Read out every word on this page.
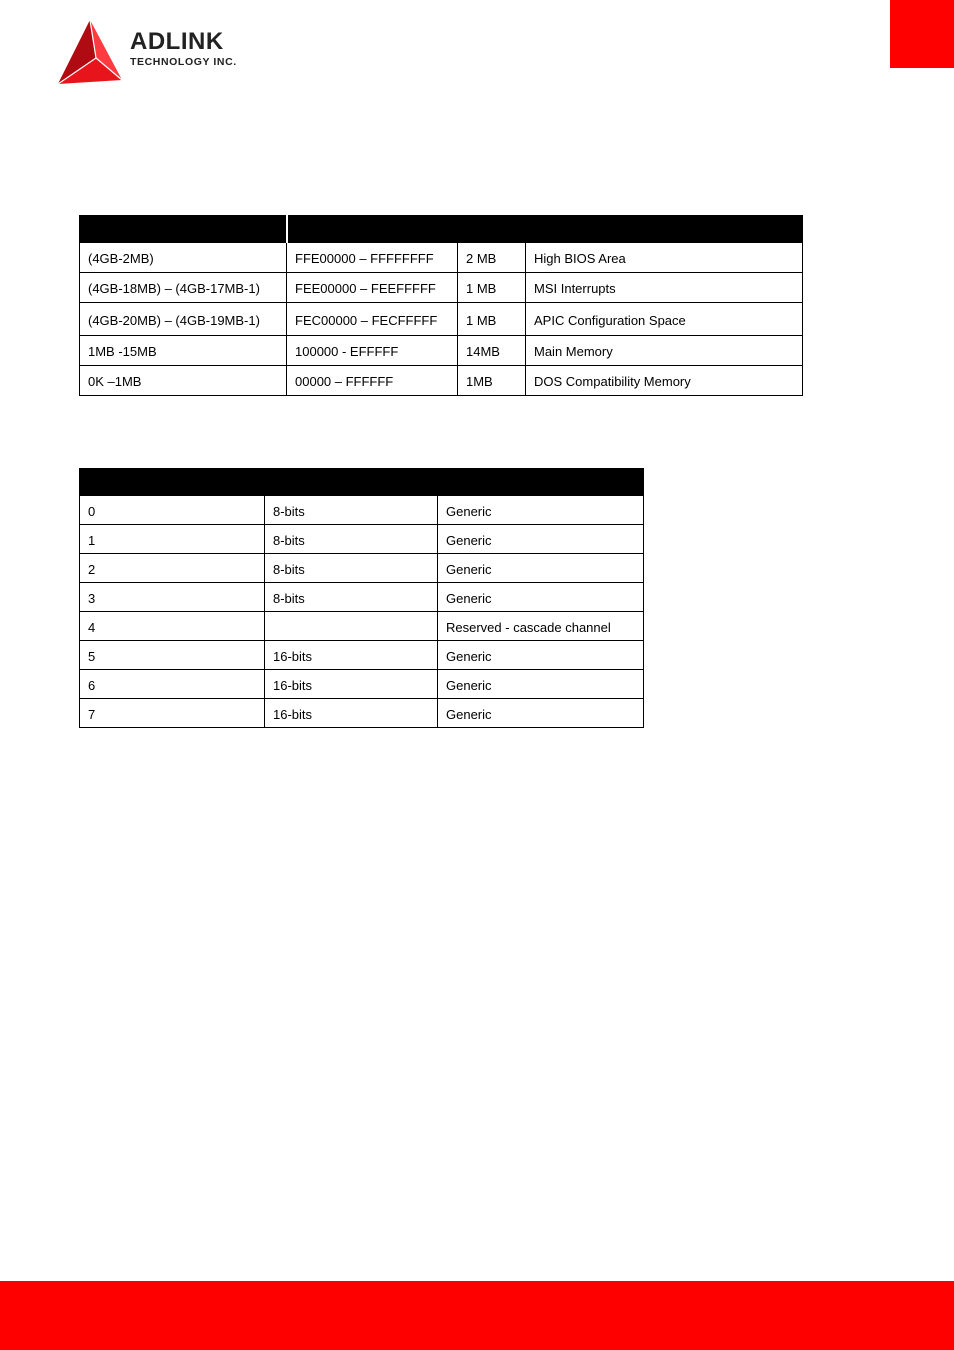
ADLINK
TECHNOLOGY INC.

(4GB-2MB)	FFE00000 – FFFFFFFF	2 MB	High BIOS Area
(4GB-18MB) – (4GB-17MB-1)	FEE00000 – FEEFFFFF	1 MB	MSI Interrupts
(4GB-20MB) – (4GB-19MB-1)	FEC00000 – FECFFFFF	1 MB	APIC Configuration Space
1MB -15MB	100000 - EFFFFF	14MB	Main Memory
0K –1MB	00000 – FFFFFF	1MB	DOS Compatibility Memory

0	8-bits	Generic
1	8-bits	Generic
2	8-bits	Generic
3	8-bits	Generic
4		Reserved - cascade channel
5	16-bits	Generic
6	16-bits	Generic
7	16-bits	Generic
